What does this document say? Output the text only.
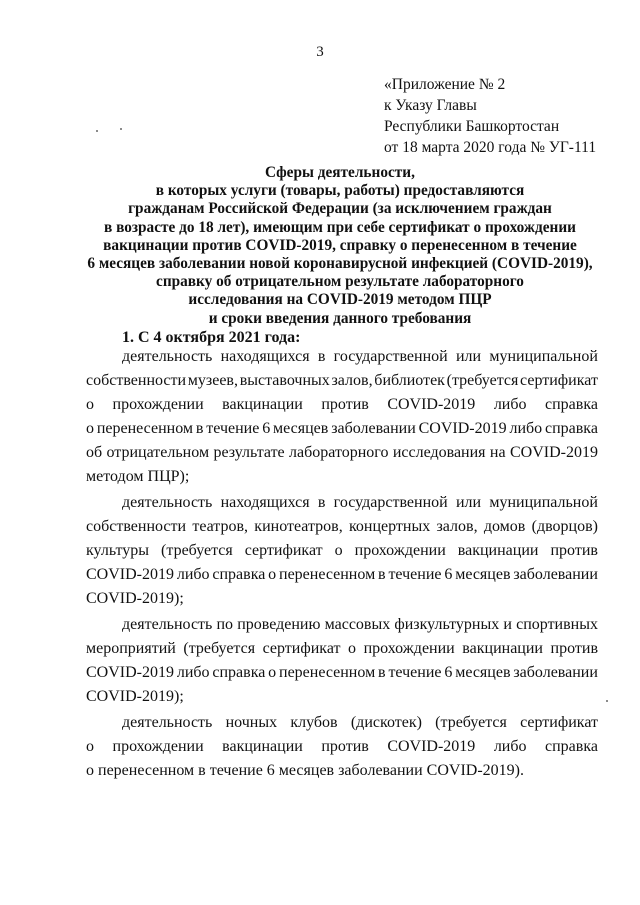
3
«Приложение № 2
к Указу Главы
Республики Башкортостан
от 18 марта 2020 года № УГ-111
Сферы деятельности,
в которых услуги (товары, работы) предоставляются
гражданам Российской Федерации (за исключением граждан
в возрасте до 18 лет), имеющим при себе сертификат о прохождении
вакцинации против COVID-2019, справку о перенесенном в течение
6 месяцев заболевании новой коронавирусной инфекцией (COVID-2019),
справку об отрицательном результате лабораторного
исследования на COVID-2019 методом ПЦР
и сроки введения данного требования
1. С 4 октября 2021 года:
деятельность находящихся в государственной или муниципальной
собственности музеев, выставочных залов, библиотек (требуется сертификат
о прохождении вакцинации против COVID-2019 либо справка
о перенесенном в течение 6 месяцев заболевании COVID-2019 либо справка
об отрицательном результате лабораторного исследования на COVID-2019
методом ПЦР);
деятельность находящихся в государственной или муниципальной
собственности театров, кинотеатров, концертных залов, домов (дворцов)
культуры (требуется сертификат о прохождении вакцинации против
COVID-2019 либо справка о перенесенном в течение 6 месяцев заболевании
COVID-2019);
деятельность по проведению массовых физкультурных и спортивных
мероприятий (требуется сертификат о прохождении вакцинации против
COVID-2019 либо справка о перенесенном в течение 6 месяцев заболевании
COVID-2019);
деятельность ночных клубов (дискотек) (требуется сертификат
о прохождении вакцинации против COVID-2019 либо справка
о перенесенном в течение 6 месяцев заболевании COVID-2019).
